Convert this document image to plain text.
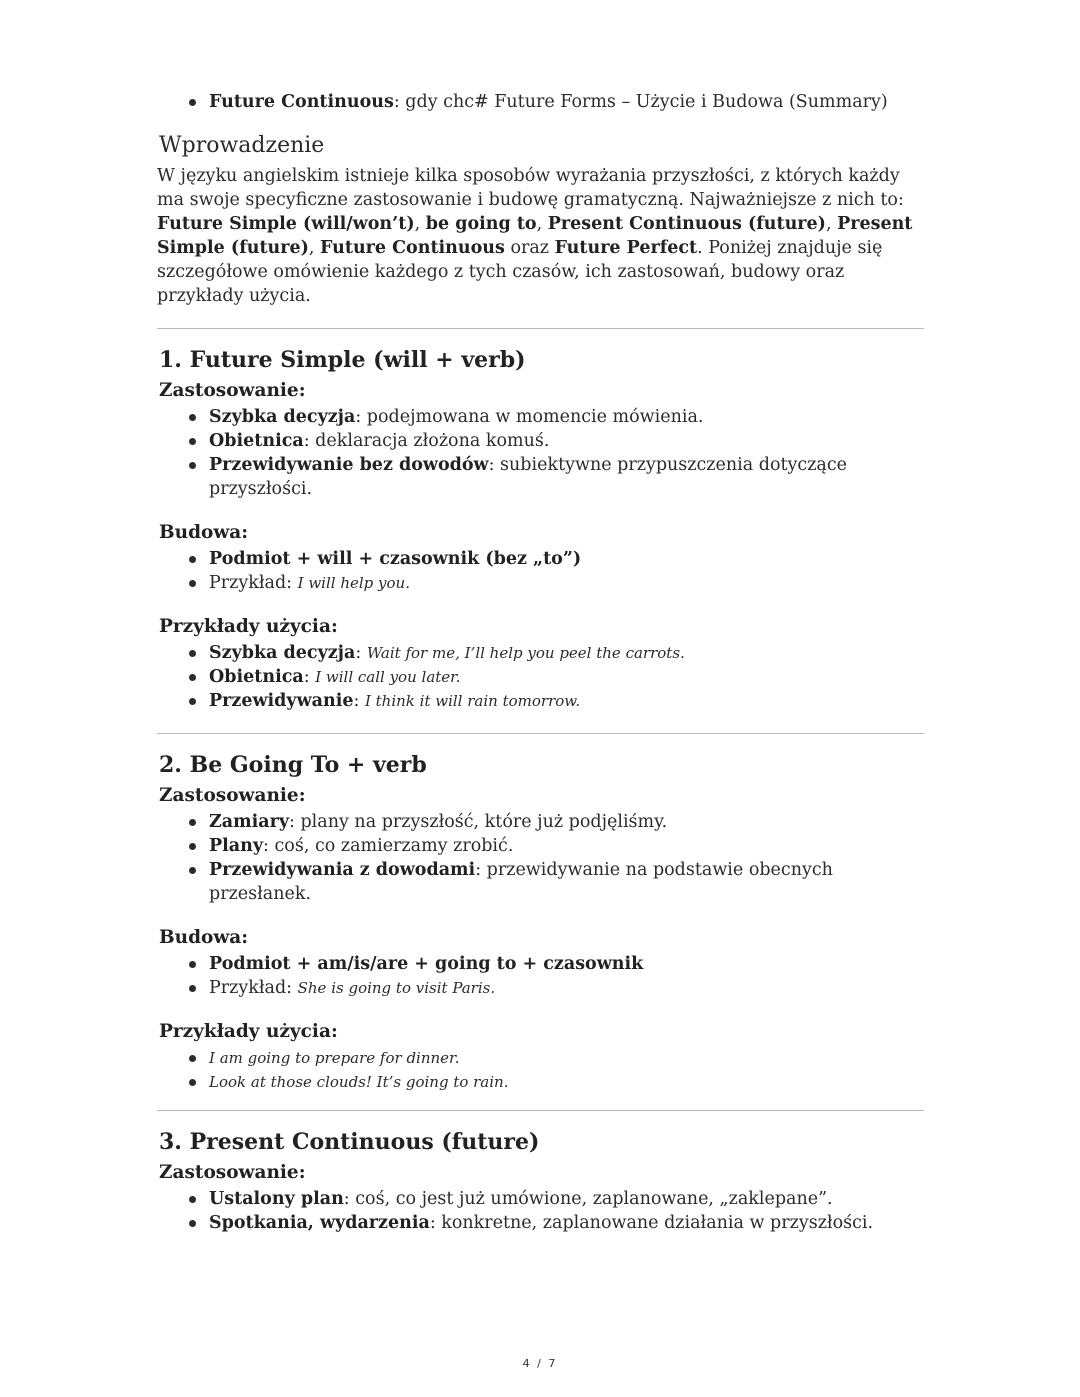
Future Continuous: gdy chc# Future Forms – Użycie i Budowa (Summary)
Wprowadzenie

W języku angielskim istnieje kilka sposobów wyrażania przyszłości, z których każdy ma swoje specyficzne zastosowanie i budowę gramatyczną. Najważniejsze z nich to: Future Simple (will/won’t), be going to, Present Continuous (future), Present Simple (future), Future Continuous oraz Future Perfect. Poniżej znajduje się szczegółowe omówienie każdego z tych czasów, ich zastosowań, budowy oraz przykłady użycia.

1. Future Simple (will + verb)
Zastosowanie:
Szybka decyzja: podejmowana w momencie mówienia.
Obietnica: deklaracja złożona komuś.
Przewidywanie bez dowodów: subiektywne przypuszczenia dotyczące przyszłości.
Budowa:
Podmiot + will + czasownik (bez „to”)
Przykład: I will help you.
Przykłady użycia:
Szybka decyzja: Wait for me, I’ll help you peel the carrots.
Obietnica: I will call you later.
Przewidywanie: I think it will rain tomorrow.
2. Be Going To + verb
Zastosowanie:
Zamiary: plany na przyszłość, które już podjęliśmy.
Plany: coś, co zamierzamy zrobić.
Przewidywania z dowodami: przewidywanie na podstawie obecnych przesłanek.
Budowa:
Podmiot + am/is/are + going to + czasownik
Przykład: She is going to visit Paris.
Przykłady użycia:
I am going to prepare for dinner.
Look at those clouds! It’s going to rain.
3. Present Continuous (future)
Zastosowanie:
Ustalony plan: coś, co jest już umówione, zaplanowane, „zaklepane”.
Spotkania, wydarzenia: konkretne, zaplanowane działania w przyszłości.
4 / 7
